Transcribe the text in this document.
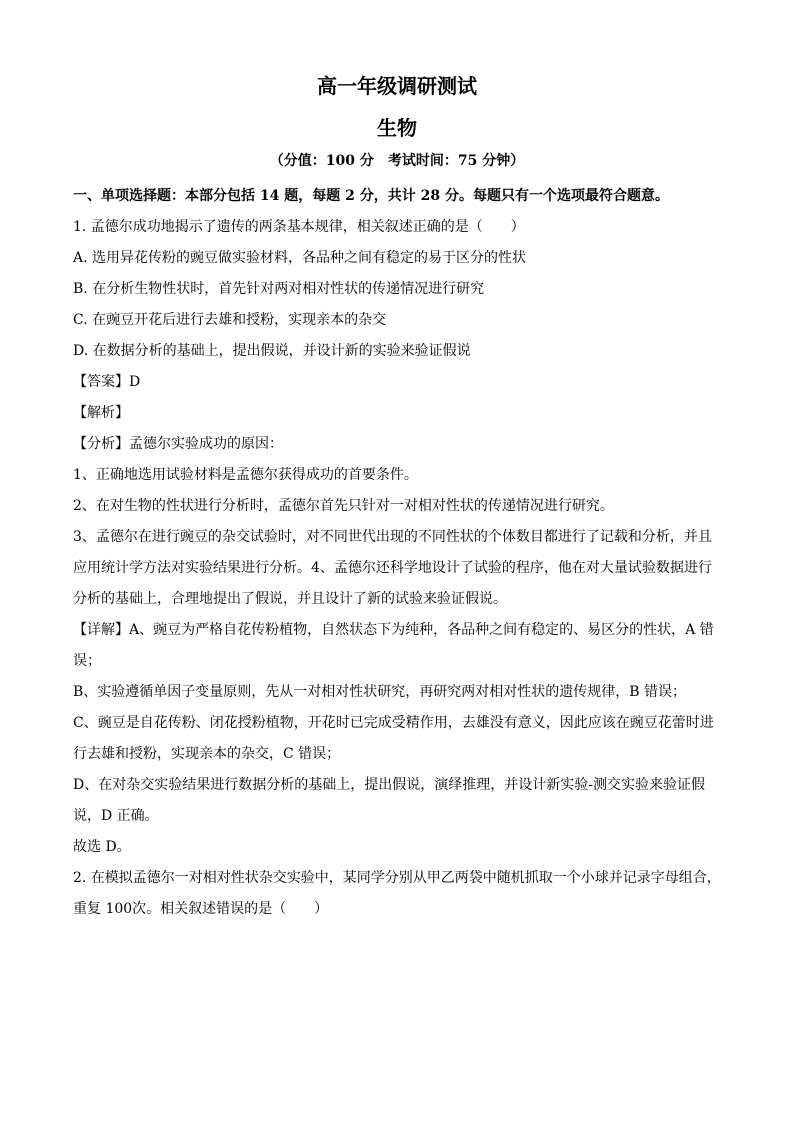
高一年级调研测试
生物
（分值：100 分　考试时间：75 分钟）

一、单项选择题：本部分包括 14 题，每题 2 分，共计 28 分。每题只有一个选项最符合题意。

1. 孟德尔成功地揭示了遗传的两条基本规律，相关叙述正确的是（　　）

A. 选用异花传粉的豌豆做实验材料，各品种之间有稳定的易于区分的性状

B. 在分析生物性状时，首先针对两对相对性状的传递情况进行研究

C. 在豌豆开花后进行去雄和授粉，实现亲本的杂交

D. 在数据分析的基础上，提出假说，并设计新的实验来验证假说

【答案】D

【解析】

【分析】孟德尔实验成功的原因：

1、正确地选用试验材料是孟德尔获得成功的首要条件。

2、在对生物的性状进行分析时，孟德尔首先只针对一对相对性状的传递情况进行研究。

3、孟德尔在进行豌豆的杂交试验时，对不同世代出现的不同性状的个体数目都进行了记载和分析，并且应用统计学方法对实验结果进行分析。4、孟德尔还科学地设计了试验的程序，他在对大量试验数据进行分析的基础上，合理地提出了假说，并且设计了新的试验来验证假说。

【详解】A、豌豆为严格自花传粉植物，自然状态下为纯种，各品种之间有稳定的、易区分的性状，A 错误；

B、实验遵循单因子变量原则，先从一对相对性状研究，再研究两对相对性状的遗传规律，B 错误；

C、豌豆是自花传粉、闭花授粉植物，开花时已完成受精作用，去雄没有意义，因此应该在豌豆花蕾时进行去雄和授粉，实现亲本的杂交，C 错误；

D、在对杂交实验结果进行数据分析的基础上，提出假说，演绎推理，并设计新实验-测交实验来验证假说，D 正确。

故选 D。

2. 在模拟孟德尔一对相对性状杂交实验中，某同学分别从甲乙两袋中随机抓取一个小球并记录字母组合，重复 100次。相关叙述错误的是（　　）
